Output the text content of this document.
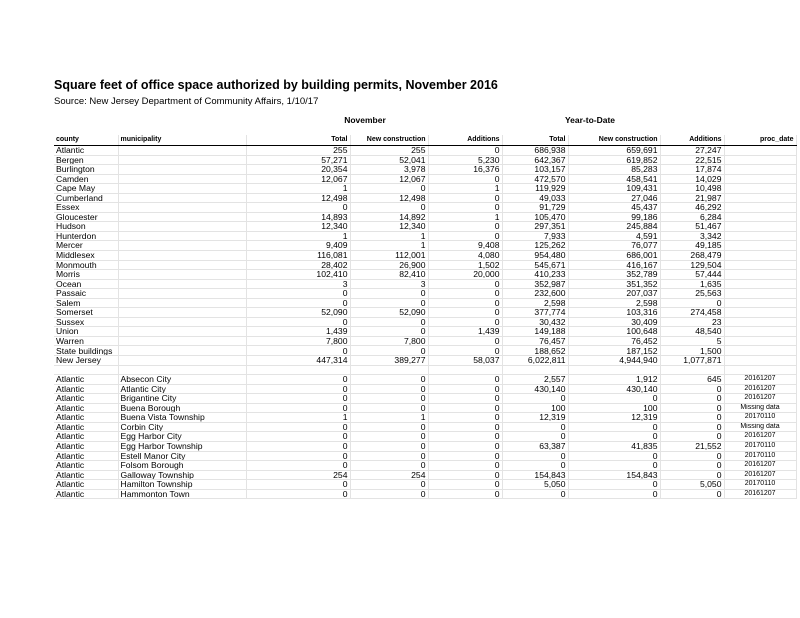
Square feet of office space authorized by building permits, November 2016
Source: New Jersey Department of Community Affairs, 1/10/17
November	Year-to-Date
county	municipality	Total	New construction	Additions	Total	New construction	Additions	proc_date
Atlantic		255	255	0	686,938	659,691	27,247	
Bergen		57,271	52,041	5,230	642,367	619,852	22,515	
Burlington		20,354	3,978	16,376	103,157	85,283	17,874	
Camden		12,067	12,067	0	472,570	458,541	14,029	
Cape May		1	0	1	119,929	109,431	10,498	
Cumberland		12,498	12,498	0	49,033	27,046	21,987	
Essex		0	0	0	91,729	45,437	46,292	
Gloucester		14,893	14,892	1	105,470	99,186	6,284	
Hudson		12,340	12,340	0	297,351	245,884	51,467	
Hunterdon		1	1	0	7,933	4,591	3,342	
Mercer		9,409	1	9,408	125,262	76,077	49,185	
Middlesex		116,081	112,001	4,080	954,480	686,001	268,479	
Monmouth		28,402	26,900	1,502	545,671	416,167	129,504	
Morris		102,410	82,410	20,000	410,233	352,789	57,444	
Ocean		3	3	0	352,987	351,352	1,635	
Passaic		0	0	0	232,600	207,037	25,563	
Salem		0	0	0	2,598	2,598	0	
Somerset		52,090	52,090	0	377,774	103,316	274,458	
Sussex		0	0	0	30,432	30,409	23	
Union		1,439	0	1,439	149,188	100,648	48,540	
Warren		7,800	7,800	0	76,457	76,452	5	
State buildings		0	0	0	188,652	187,152	1,500	
New Jersey		447,314	389,277	58,037	6,022,811	4,944,940	1,077,871	

Atlantic	Absecon City	0	0	0	2,557	1,912	645	20161207
Atlantic	Atlantic City	0	0	0	430,140	430,140	0	20161207
Atlantic	Brigantine City	0	0	0	0	0	0	20161207
Atlantic	Buena Borough	0	0	0	100	100	0	Missing data
Atlantic	Buena Vista Township	1	1	0	12,319	12,319	0	20170110
Atlantic	Corbin City	0	0	0	0	0	0	Missing data
Atlantic	Egg Harbor City	0	0	0	0	0	0	20161207
Atlantic	Egg Harbor Township	0	0	0	63,387	41,835	21,552	20170110
Atlantic	Estell Manor City	0	0	0	0	0	0	20170110
Atlantic	Folsom Borough	0	0	0	0	0	0	20161207
Atlantic	Galloway Township	254	254	0	154,843	154,843	0	20161207
Atlantic	Hamilton Township	0	0	0	5,050	0	5,050	20170110
Atlantic	Hammonton Town	0	0	0	0	0	0	20161207
